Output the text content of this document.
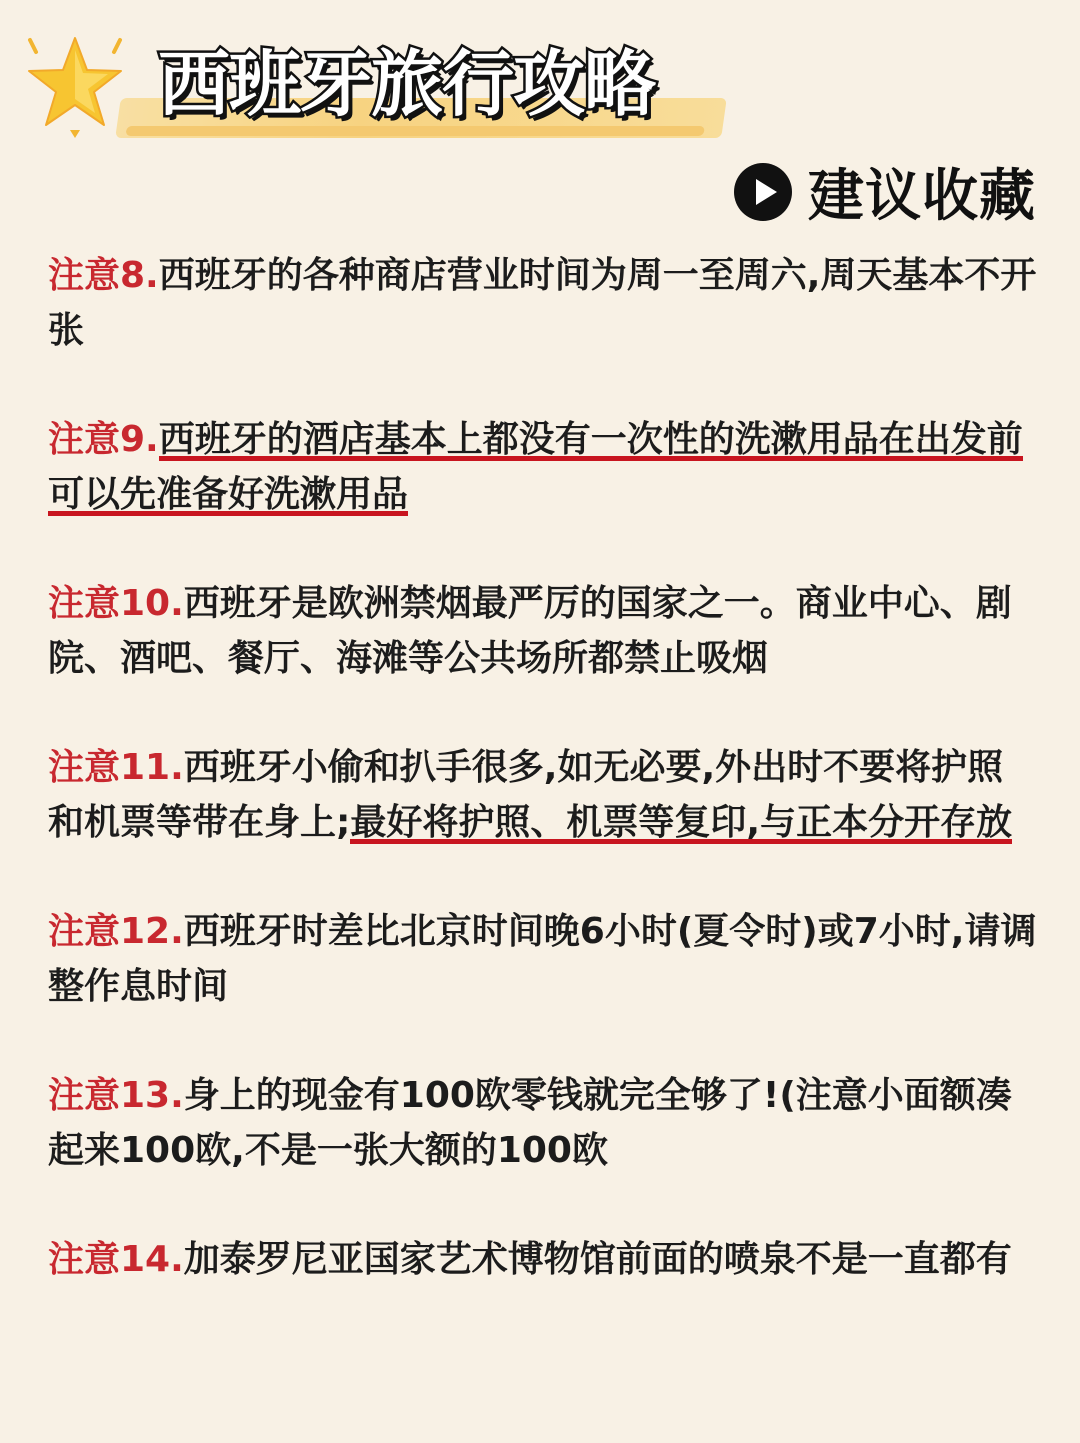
西班牙旅行攻略
建议收藏

注意8.西班牙的各种商店营业时间为周一至周六,周天基本不开张

注意9.西班牙的酒店基本上都没有一次性的洗漱用品在出发前可以先准备好洗漱用品

注意10.西班牙是欧洲禁烟最严厉的国家之一。商业中心、剧院、酒吧、餐厅、海滩等公共场所都禁止吸烟

注意11.西班牙小偷和扒手很多,如无必要,外出时不要将护照和机票等带在身上;最好将护照、机票等复印,与正本分开存放

注意12.西班牙时差比北京时间晚6小时(夏令时)或7小时,请调整作息时间

注意13.身上的现金有100欧零钱就完全够了!(注意小面额凑起来100欧,不是一张大额的100欧

注意14.加泰罗尼亚国家艺术博物馆前面的喷泉不是一直都有
